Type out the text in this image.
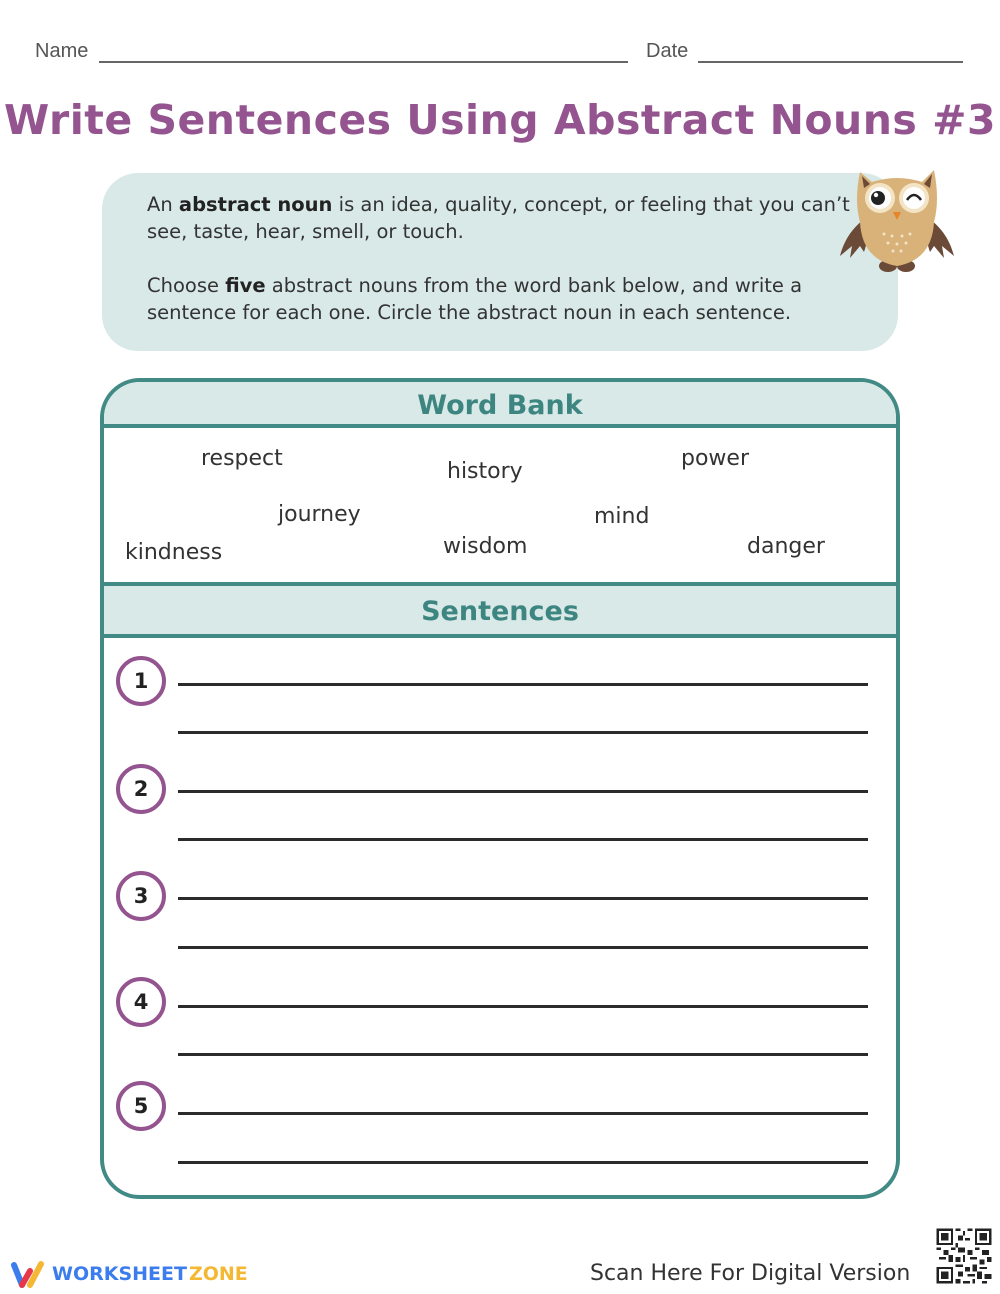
Name	Date
Write Sentences Using Abstract Nouns #3

An abstract noun is an idea, quality, concept, or feeling that you can’t see, taste, hear, smell, or touch.

Choose five abstract nouns from the word bank below, and write a sentence for each one. Circle the abstract noun in each sentence.

Word Bank
respect
history
power
journey	mind
kindness	wisdom	danger
Sentences
1
2
3
4
5
WORKSHEET ZONE	Scan Here For Digital Version
